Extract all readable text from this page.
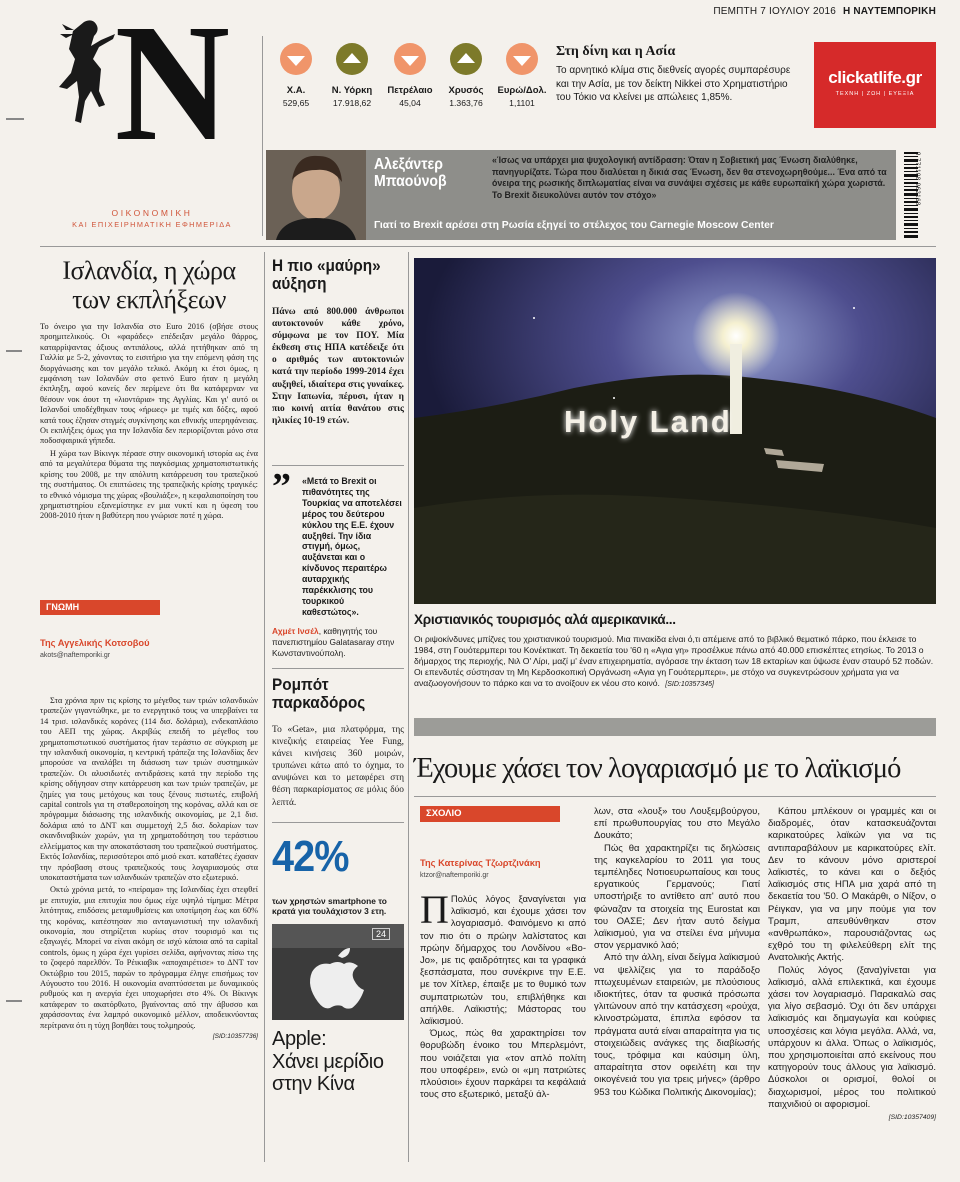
ΠΕΜΠΤΗ 7 ΙΟΥΛΙΟΥ 2016 Η ΝΑΥΤΕΜΠΟΡΙΚΗ
N
ΟΙΚΟΝΟΜΙΚΗ
ΚΑΙ ΕΠΙΧΕΙΡΗΜΑΤΙΚΗ ΕΦΗΜΕΡΙΔΑ
Χ.Α.
529,65
Ν. Υόρκη
17.918,62
Πετρέλαιο
45,04
Χρυσός
1.363,76
Ευρώ/Δολ.
1,1101
Στη δίνη και η Ασία
Το αρνητικό κλίμα στις διεθνείς αγορές συμπαρέσυρε και την Ασία, με τον δείκτη Nikkei στο Χρηματιστήριο του Τόκιο να κλείνει με απώλειες 1,85%.
clickatlife.gr
ΤΕΧΝΗ | ΖΩΗ | ΕΥΕΞΙΑ
Αλεξάντερ
Μπαούνοβ
«Ίσως να υπάρχει μια ψυχολογική αντίδραση: Όταν η Σοβιετική μας Ένωση διαλύθηκε, πανηγυρίζατε. Τώρα που διαλύεται η δικιά σας Ένωση, δεν θα στενοχωρηθούμε... Ένα από τα όνειρα της ρωσικής διπλωματίας είναι να συνάψει σχέσεις με κάθε ευρωπαϊκή χώρα χωριστά. Το Brexit διευκολύνει αυτόν τον στόχο»
Γιατί το Brexit αρέσει στη Ρωσία εξηγεί το στέλεχος του Carnegie Moscow Center
9 771108 962168
Ισλανδία, η χώρα
των εκπλήξεων

Το όνειρο για την Ισλανδία στο Euro 2016 (σβήσε στους προημιτελικούς. Οι «φαράδες» επέδειξαν μεγάλο θάρρος, καταρρίψαντας άξιους αντιπάλους, αλλά ηττήθηκαν από τη Γαλλία με 5-2, χάνοντας το εισιτήριο για την επόμενη φάση της διοργάνωσης και τον μεγάλο τελικό. Ακόμη κι έτσι όμως, η εμφάνιση των Ισλανδών στο φετινό Euro ήταν η μεγάλη έκπληξη, αφού κανείς δεν περίμενε ότι θα κατάφερναν να θέσουν νοκ άουτ τη «λιοντάρια» της Αγγλίας. Και γι' αυτό οι Ισλανδοί υποδέχθηκαν τους «ήρωες» με τιμές και δόξες, αφού κατά τους έζησαν στιγμές συγκίνησης και εθνικής υπερηφάνειας. Οι εκπλήξεις όμως για την Ισλανδία δεν περιορίζονται μόνο στα ποδοσφαιρικά γήπεδα.

Η χώρα των Βίκινγκ πέρασε στην οικονομική ιστορία ως ένα από τα μεγαλύτερα θύματα της παγκόσμιας χρηματοπιστωτικής κρίσης του 2008, με την απόλυτη κατάρρευση του τραπεζικού της συστήματος. Οι επιπτώσεις της τραπεζικής κρίσης τραγικές: το εθνικό νόμισμα της χώρας «βουλιάξε», η κεφαλαιοποίηση του χρηματιστηρίου εξανεμίστηκε εν μια νυκτί και η ύφεση του 2008-2010 ήταν η βαθύτερη που γνώρισε ποτέ η χώρα.

ΓΝΩΜΗ
Της Αγγελικής Κοτσοβού
akots@naftemporiki.gr

Στα χρόνια πριν τις κρίσης το μέγεθος των τριών ισλανδικών τραπεζών γιγαντώθηκε, με το ενεργητικό τους να υπερβαίνει τα 14 τρισ. ισλανδικές κορόνες (114 δισ. δολάρια), ενδεκαπλάσιο του ΑΕΠ της χώρας. Ακριβώς επειδή το μέγεθος του χρηματοπιστωτικού συστήματος ήταν τεράστιο σε σύγκριση με την ισλανδική οικονομία, η κεντρική τράπεζα της Ισλανδίας δεν μπορούσε να αναλάβει τη διάσωση των τριών συστημικών τραπεζών. Οι αλυσιδωτές αντιδράσεις κατά την περίοδο της κρίσης οδήγησαν στην κατάρρευση και των τριών τραπεζών, με ζημίες για τους μετόχους και τους ξένους πιστωτές, επιβολή capital controls για τη σταθεροποίηση της κορόνας, αλλά και σε πρόγραμμα διάσωσης της ισλανδικής οικονομίας, με 2,1 δισ. δολάρια από το ΔΝΤ και συμμετοχή 2,5 δισ. δολαρίων των σκανδιναβικών χωρών, για τη χρηματοδότηση του τεράστιου ελλείμματος και την αποκατάσταση του τραπεζικού συστήματος. Εκτός Ισλανδίας, περισσότεροι από μισό εκατ. καταθέτες έχασαν την πρόσβαση στους τραπεζικούς τους λογαριασμούς στα υποκαταστήματα των ισλανδικών τραπεζών στο εξωτερικό.

Οκτώ χρόνια μετά, το «πείραμα» της Ισλανδίας έχει στεφθεί με επιτυχία, μια επιτυχία που όμως είχε υψηλό τίμημα: Μέτρα λιτότητας, επιδόσεις μεταμυθμίσεις και υποτίμηση έως και 60% της κορόνας, κατέστησαν πιο ανταγωνιστική την ισλανδική οικονομία, που στηρίζεται κυρίως στον τουρισμό και τις εξαγωγές. Μπορεί να είναι ακόμη σε ισχύ κάποια από τα capital controls, όμως η χώρα έχει γυρίσει σελίδα, αφήνοντας πίσω της το ζοφερό παρελθόν. Το Ρέικιαβικ «αποχαιρέτισε» το ΔΝΤ τον Οκτώβριο του 2015, παρών το πρόγραμμα έληγε επισήμως τον Αύγουστο του 2016. Η οικονομία αναπτύσσεται με δυναμικούς ρυθμούς και η ανεργία έχει υποχωρήσει στο 4%. Οι Βίκινγκ κατάφεραν το ακατόρθωτο, βγαίνοντας από την άβυσσο και χαράσσοντας ένα λαμπρό οικονομικό μέλλον, αποδεικνύοντας περίτρανα ότι η τύχη βοηθάει τους τολμηρούς.

[SID:10357736]

Η πιο «μαύρη»
αύξηση
Πάνω από 800.000 άνθρωποι αυτοκτονούν κάθε χρόνο, σύμφωνα με τον ΠΟΥ. Μία έκθεση στις ΗΠΑ κατέδειξε ότι ο αριθμός των αυτοκτονιών κατά την περίοδο 1999-2014 έχει αυξηθεί, ιδιαίτερα στις γυναίκες. Στην Ιαπωνία, πέρυσι, ήταν η πιο κοινή αιτία θανάτου στις ηλικίες 10-19 ετών.
”	«Μετά το Brexit οι πιθανότητες της Τουρκίας να αποτελέσει μέρος του δεύτερου κύκλου της Ε.Ε. έχουν αυξηθεί. Την ίδια στιγμή, όμως, αυξάνεται και ο κίνδυνος περαιτέρω αυταρχικής παρέκκλισης του τουρκικού καθεστώτος».
Αχμέτ Ινσέλ, καθηγητής του πανεπιστημίου Galatasaray στην Κωνσταντινούπολη.
Ρομπότ
παρκαδόρος
Το «Geta», μια πλατφόρμα, της κινεζικής εταιρείας Yee Fung, κάνει κινήσεις 360 μοιρών, τρυπώνει κάτω από το όχημα, το ανυψώνει και το μεταφέρει στη θέση παρκαρίσματος σε μόλις δύο λεπτά.
42%
των χρηστών smartphone το κρατά για τουλάχιστον 3 ετη.
24
Apple:
Χάνει μερίδιο
στην Κίνα
Holy Land
Χριστιανικός τουρισμός αλά αμερικανικά...
Οι ριψοκίνδυνες μπίζνες του χριστιανικού τουρισμού. Μια πινακίδα είναι ό,τι απέμεινε από το βιβλικό θεματικό πάρκο, που έκλεισε το 1984, στη Γουότερμπερι του Κονέκτικατ. Τη δεκαετία του '60 η «Αγια γη» προσέλκυε πάνω από 40.000 επισκέπτες ετησίως. Το 2013 ο δήμαρχος της περιοχής, Νιλ Ο' Λίρι, μαζί μ' έναν επιχειρηματία, αγόρασε την έκταση των 18 εκταρίων και ύψωσε έναν σταυρό 52 ποδών. Οι επενδυτές σύστησαν τη Μη Κερδοσκοπική Οργάνωση «Αγια γη Γουότερμπερι», με στόχο να συγκεντρώσουν χρήματα για να αναζωογονήσουν το πάρκο και να το ανοίξουν εκ νέου στο κοινό. [SID:10357345]
Έχουμε χάσει τον λογαριασμό με το λαϊκισμό
ΣΧΟΛΙΟ
Της Κατερίνας Τζωρτζινάκη
ktzor@naftemporiki.gr

Π Πολύς λόγος ξαναγίνεται για λαϊκισμό, και έχουμε χάσει τον λογαριασμό. Φαινόμενο κι από τον πιο ότι ο πρώην λαλίστατος και πρώην δήμαρχος του Λονδίνου «Bo-Jo», με τις φαιδρότητες και τα γραφικά ξεσπάσματα, που συνέκρινε την Ε.Ε. με τον Χίτλερ, έπαιξε με το θυμικό των συμπατριωτών του, επιβλήθηκε και απήλθε. Λαϊκιστής; Μάστορας του λαϊκισμού.

Όμως, πώς θα χαρακτηρίσει τον θορυβώδη ένοικο του Μπερλεμόντ, που νοιάζεται για «τον απλό πολίτη που υποφέρει», ενώ οι «μη πατριώτες πλούσιοι» έχουν παρκάρει τα κεφάλαιά τους στο εξωτερικό, μεταξύ άλ-

λων, στα «λουξ» του Λουξεμβούργου, επί πρωθυπουργίας του στο Μεγάλο Δουκάτο;

Πώς θα χαρακτηρίζει τις δηλώσεις της καγκελαρίου το 2011 για τους τεμπέληδες Νοτιοευρωπαίους και τους εργατικούς Γερμανούς; Γιατί υποστήριξε το αντίθετο απ' αυτό που φώναζαν τα στοιχεία της Eurostat και του ΟΑΣΕ; Δεν ήταν αυτό δείγμα λαϊκισμού, για να στείλει ένα μήνυμα στον γερμανικό λαό;

Από την άλλη, είναι δείγμα λαϊκισμού να ψελλίζεις για το παράδοξο πτωχευμένων εταιρειών, με πλούσιους ιδιοκτήτες, όταν τα φυσικά πρόσωπα γλιτώνουν από την κατάσχεση «ρούχα, κλινοστρώματα, έπιπλα εφόσον τα πράγματα αυτά είναι απαραίτητα για τις στοιχειώδεις ανάγκες της διαβίωσής τους, τρόφιμα και καύσιμη ύλη, απαραίτητα στον οφειλέτη και την οικογένειά του για τρεις μήνες» (άρθρο 953 του Κώδικα Πολιτικής Δικονομίας);

Κάπου μπλέκουν οι γραμμές και οι διαδρομές, όταν κατασκευάζονται καρικατούρες λαϊκών για να τις αντιπαραβάλουν με καρικατούρες ελίτ. Δεν το κάνουν μόνο αριστεροί λαϊκιστές, το κάνει και ο δεξιός λαϊκισμός στις ΗΠΑ μια χαρά από τη δεκαετία του '50. Ο Μακάρθι, ο Νίξον, ο Ρέιγκαν, για να μην πούμε για τον Τραμπ, απευθύνθηκαν στον «ανθρωπάκο», παρουσιάζοντας ως εχθρό του τη φιλελεύθερη ελίτ της Ανατολικής Ακτής.

Πολύς λόγος (ξανα)γίνεται για λαϊκισμό, αλλά επιλεκτικά, και έχουμε χάσει τον λογαριασμό. Παρακαλώ σας για λίγο σεβασμό. Όχι ότι δεν υπάρχει λαϊκισμός και δημαγωγία και κούφιες υποσχέσεις και λόγια μεγάλα. Αλλά, να, υπάρχουν κι άλλα. Όπως ο λαϊκισμός, που χρησιμοποιείται από εκείνους που κατηγορούν τους άλλους για λαϊκισμό. Δύσκολοι οι ορισμοί, θολοί οι διαχωρισμοί, μέρος του πολιτικού παιχνιδιού οι αφορισμοί.

[SID:10357409]
